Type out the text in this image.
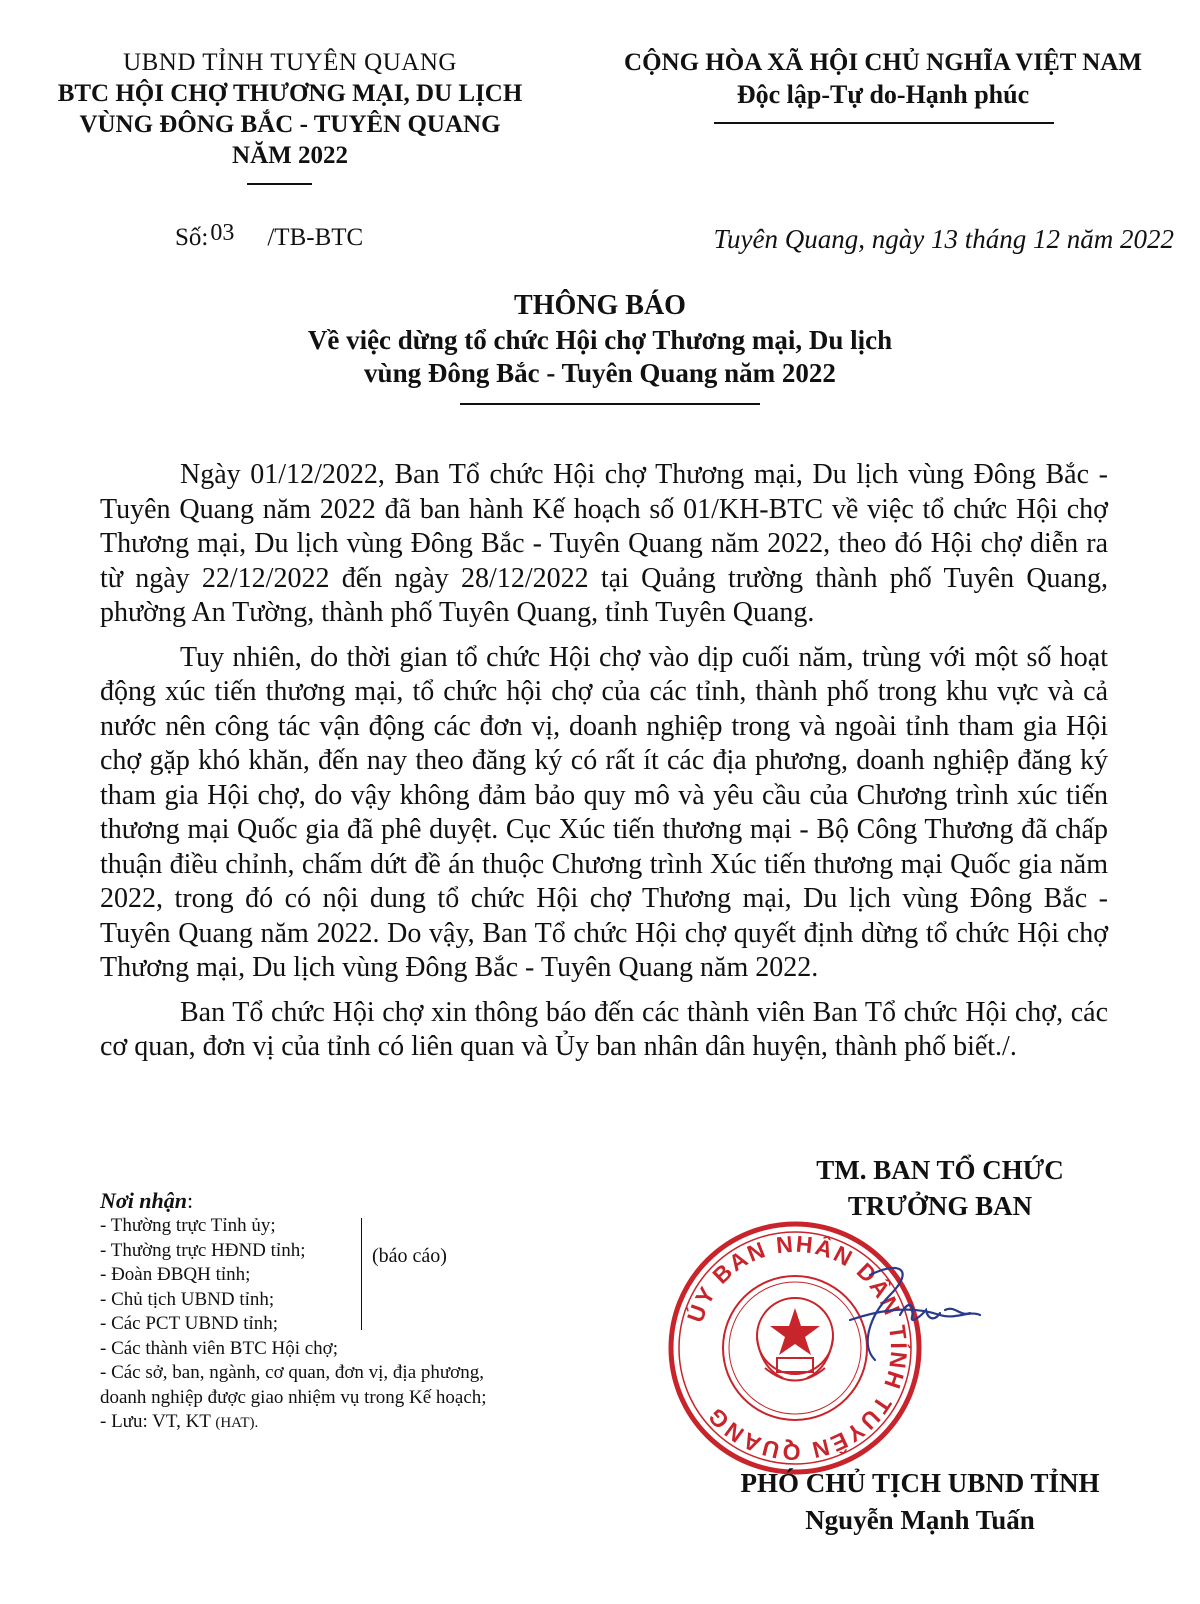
UBND TỈNH TUYÊN QUANG
BTC HỘI CHỢ THƯƠNG MẠI, DU LỊCH
VÙNG ĐÔNG BẮC - TUYÊN QUANG
NĂM 2022
CỘNG HÒA XÃ HỘI CHỦ NGHĨA VIỆT NAM
Độc lập-Tự do-Hạnh phúc
Số:03 /TB-BTC	Tuyên Quang, ngày 13 tháng 12 năm 2022
THÔNG BÁO
Về việc dừng tổ chức Hội chợ Thương mại, Du lịch
vùng Đông Bắc - Tuyên Quang năm 2022

Ngày 01/12/2022, Ban Tổ chức Hội chợ Thương mại, Du lịch vùng Đông Bắc - Tuyên Quang năm 2022 đã ban hành Kế hoạch số 01/KH-BTC về việc tổ chức Hội chợ Thương mại, Du lịch vùng Đông Bắc - Tuyên Quang năm 2022, theo đó Hội chợ diễn ra từ ngày 22/12/2022 đến ngày 28/12/2022 tại Quảng trường thành phố Tuyên Quang, phường An Tường, thành phố Tuyên Quang, tỉnh Tuyên Quang.

Tuy nhiên, do thời gian tổ chức Hội chợ vào dịp cuối năm, trùng với một số hoạt động xúc tiến thương mại, tổ chức hội chợ của các tỉnh, thành phố trong khu vực và cả nước nên công tác vận động các đơn vị, doanh nghiệp trong và ngoài tỉnh tham gia Hội chợ gặp khó khăn, đến nay theo đăng ký có rất ít các địa phương, doanh nghiệp đăng ký tham gia Hội chợ, do vậy không đảm bảo quy mô và yêu cầu của Chương trình xúc tiến thương mại Quốc gia đã phê duyệt. Cục Xúc tiến thương mại - Bộ Công Thương đã chấp thuận điều chỉnh, chấm dứt đề án thuộc Chương trình Xúc tiến thương mại Quốc gia năm 2022, trong đó có nội dung tổ chức Hội chợ Thương mại, Du lịch vùng Đông Bắc - Tuyên Quang năm 2022. Do vậy, Ban Tổ chức Hội chợ quyết định dừng tổ chức Hội chợ Thương mại, Du lịch vùng Đông Bắc - Tuyên Quang năm 2022.

Ban Tổ chức Hội chợ xin thông báo đến các thành viên Ban Tổ chức Hội chợ, các cơ quan, đơn vị của tỉnh có liên quan và Ủy ban nhân dân huyện, thành phố biết./.

Nơi nhận:
- Thường trực Tỉnh ủy;
- Thường trực HĐND tỉnh;
- Đoàn ĐBQH tỉnh;
- Chủ tịch UBND tỉnh;
- Các PCT UBND tỉnh;
- Các thành viên BTC Hội chợ;
- Các sở, ban, ngành, cơ quan, đơn vị, địa phương,
doanh nghiệp được giao nhiệm vụ trong Kế hoạch;
- Lưu: VT, KT (HAT).
(báo cáo)
TM. BAN TỔ CHỨC
TRƯỞNG BAN
ỦY BAN NHÂN DÂN TỈNH TUYÊN QUANG
PHÓ CHỦ TỊCH UBND TỈNH
Nguyễn Mạnh Tuấn
